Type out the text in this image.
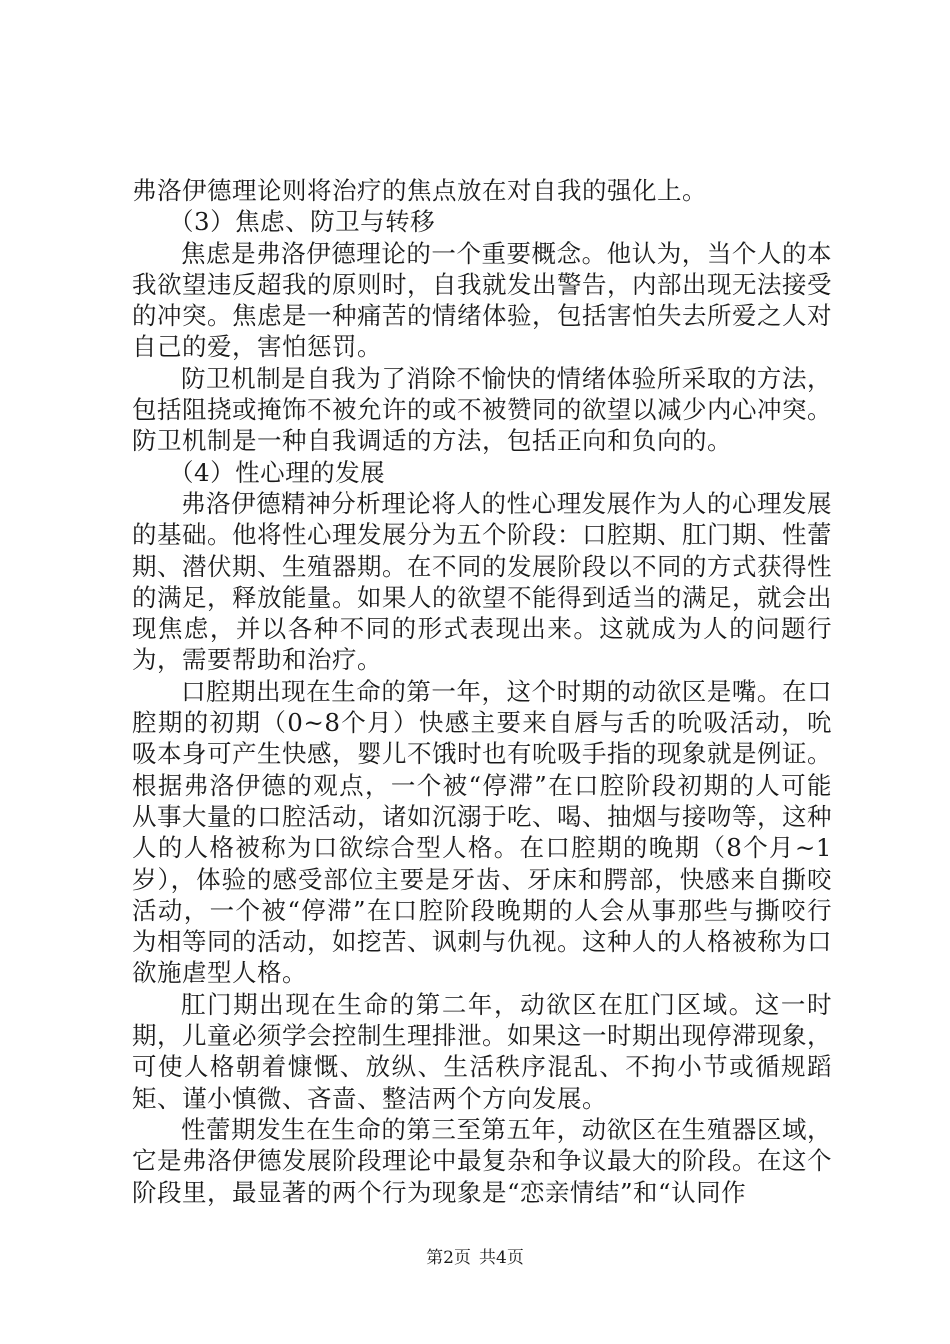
弗洛伊德理论则将治疗的焦点放在对自我的强化上。

（3）焦虑、防卫与转移

焦虑是弗洛伊德理论的一个重要概念。他认为，当个人的本我欲望违反超我的原则时，自我就发出警告，内部出现无法接受的冲突。焦虑是一种痛苦的情绪体验，包括害怕失去所爱之人对自己的爱，害怕惩罚。

防卫机制是自我为了消除不愉快的情绪体验所采取的方法，包括阻挠或掩饰不被允许的或不被赞同的欲望以减少内心冲突。防卫机制是一种自我调适的方法，包括正向和负向的。

（4）性心理的发展

弗洛伊德精神分析理论将人的性心理发展作为人的心理发展的基础。他将性心理发展分为五个阶段：口腔期、肛门期、性蕾期、潜伏期、生殖器期。在不同的发展阶段以不同的方式获得性的满足，释放能量。如果人的欲望不能得到适当的满足，就会出现焦虑，并以各种不同的形式表现出来。这就成为人的问题行为，需要帮助和治疗。

口腔期出现在生命的第一年，这个时期的动欲区是嘴。在口腔期的初期（0~8个月）快感主要来自唇与舌的吮吸活动，吮吸本身可产生快感，婴儿不饿时也有吮吸手指的现象就是例证。根据弗洛伊德的观点，一个被“停滞”在口腔阶段初期的人可能从事大量的口腔活动，诸如沉溺于吃、喝、抽烟与接吻等，这种人的人格被称为口欲综合型人格。在口腔期的晚期（8个月~1岁），体验的感受部位主要是牙齿、牙床和腭部，快感来自撕咬活动，一个被“停滞”在口腔阶段晚期的人会从事那些与撕咬行为相等同的活动，如挖苦、讽刺与仇视。这种人的人格被称为口欲施虐型人格。

肛门期出现在生命的第二年，动欲区在肛门区域。这一时期，儿童必须学会控制生理排泄。如果这一时期出现停滞现象，可使人格朝着慷慨、放纵、生活秩序混乱、不拘小节或循规蹈矩、谨小慎微、吝啬、整洁两个方向发展。

性蕾期发生在生命的第三至第五年，动欲区在生殖器区域，它是弗洛伊德发展阶段理论中最复杂和争议最大的阶段。在这个阶段里，最显著的两个行为现象是“恋亲情结”和“认同作

第2页 共4页
